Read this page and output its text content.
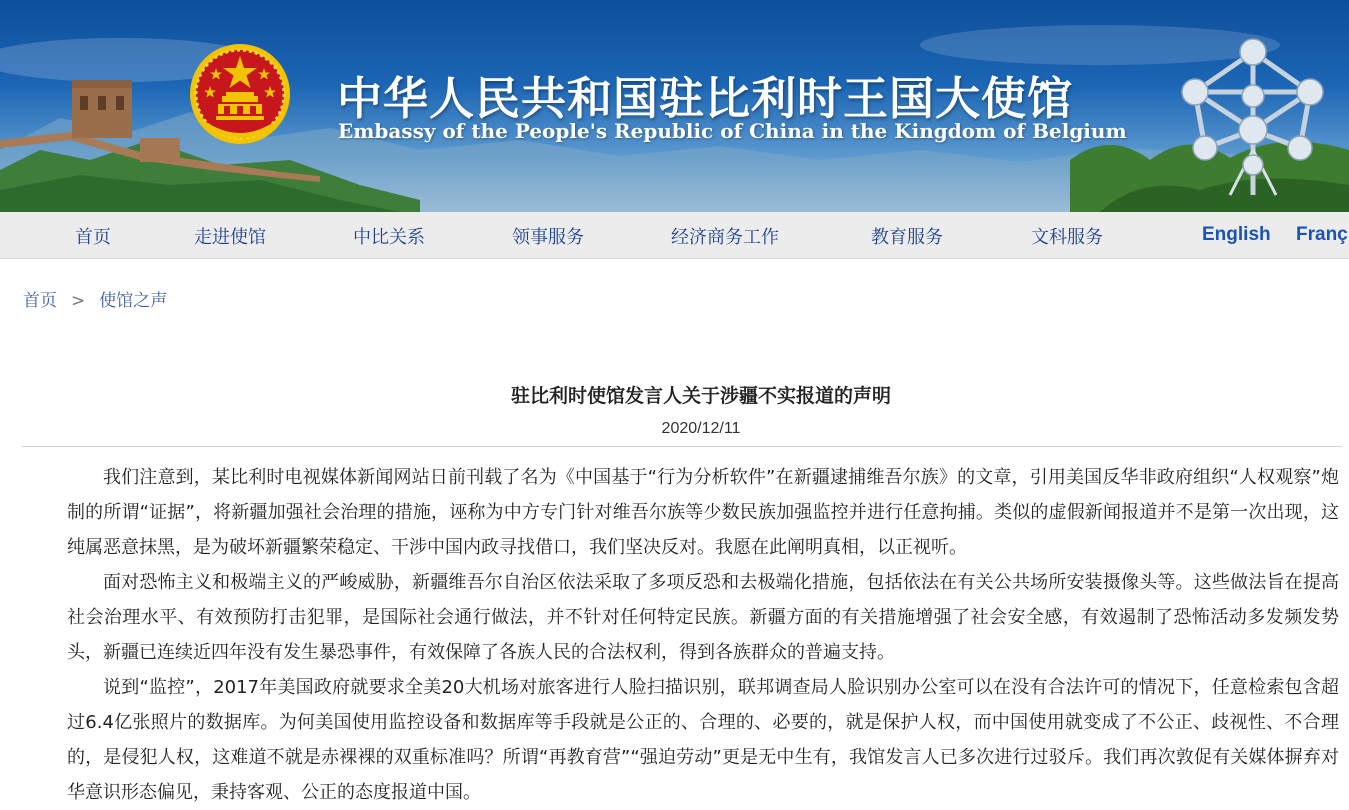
中华人民共和国驻比利时王国大使馆
Embassy of the People's Republic of China in the Kingdom of Belgium
首页	走进使馆	中比关系	领事服务	经济商务工作	教育服务	文科服务	English Franç
首页 > 使馆之声
驻比利时使馆发言人关于涉疆不实报道的声明
2020/12/11

我们注意到，某比利时电视媒体新闻网站日前刊载了名为《中国基于“行为分析软件”在新疆逮捕维吾尔族》的文章，引用美国反华非政府组织“人权观察”炮制的所谓“证据”，将新疆加强社会治理的措施，诬称为中方专门针对维吾尔族等少数民族加强监控并进行任意拘捕。类似的虚假新闻报道并不是第一次出现，这纯属恶意抹黑，是为破坏新疆繁荣稳定、干涉中国内政寻找借口，我们坚决反对。我愿在此阐明真相，以正视听。

面对恐怖主义和极端主义的严峻威胁，新疆维吾尔自治区依法采取了多项反恐和去极端化措施，包括依法在有关公共场所安装摄像头等。这些做法旨在提高社会治理水平、有效预防打击犯罪，是国际社会通行做法，并不针对任何特定民族。新疆方面的有关措施增强了社会安全感，有效遏制了恐怖活动多发频发势头，新疆已连续近四年没有发生暴恐事件，有效保障了各族人民的合法权利，得到各族群众的普遍支持。

说到“监控”，2017年美国政府就要求全美20大机场对旅客进行人脸扫描识别，联邦调查局人脸识别办公室可以在没有合法许可的情况下，任意检索包含超过6.4亿张照片的数据库。为何美国使用监控设备和数据库等手段就是公正的、合理的、必要的，就是保护人权，而中国使用就变成了不公正、歧视性、不合理的，是侵犯人权，这难道不就是赤裸裸的双重标准吗？所谓“再教育营”“强迫劳动”更是无中生有，我馆发言人已多次进行过驳斥。我们再次敦促有关媒体摒弃对华意识形态偏见，秉持客观、公正的态度报道中国。
